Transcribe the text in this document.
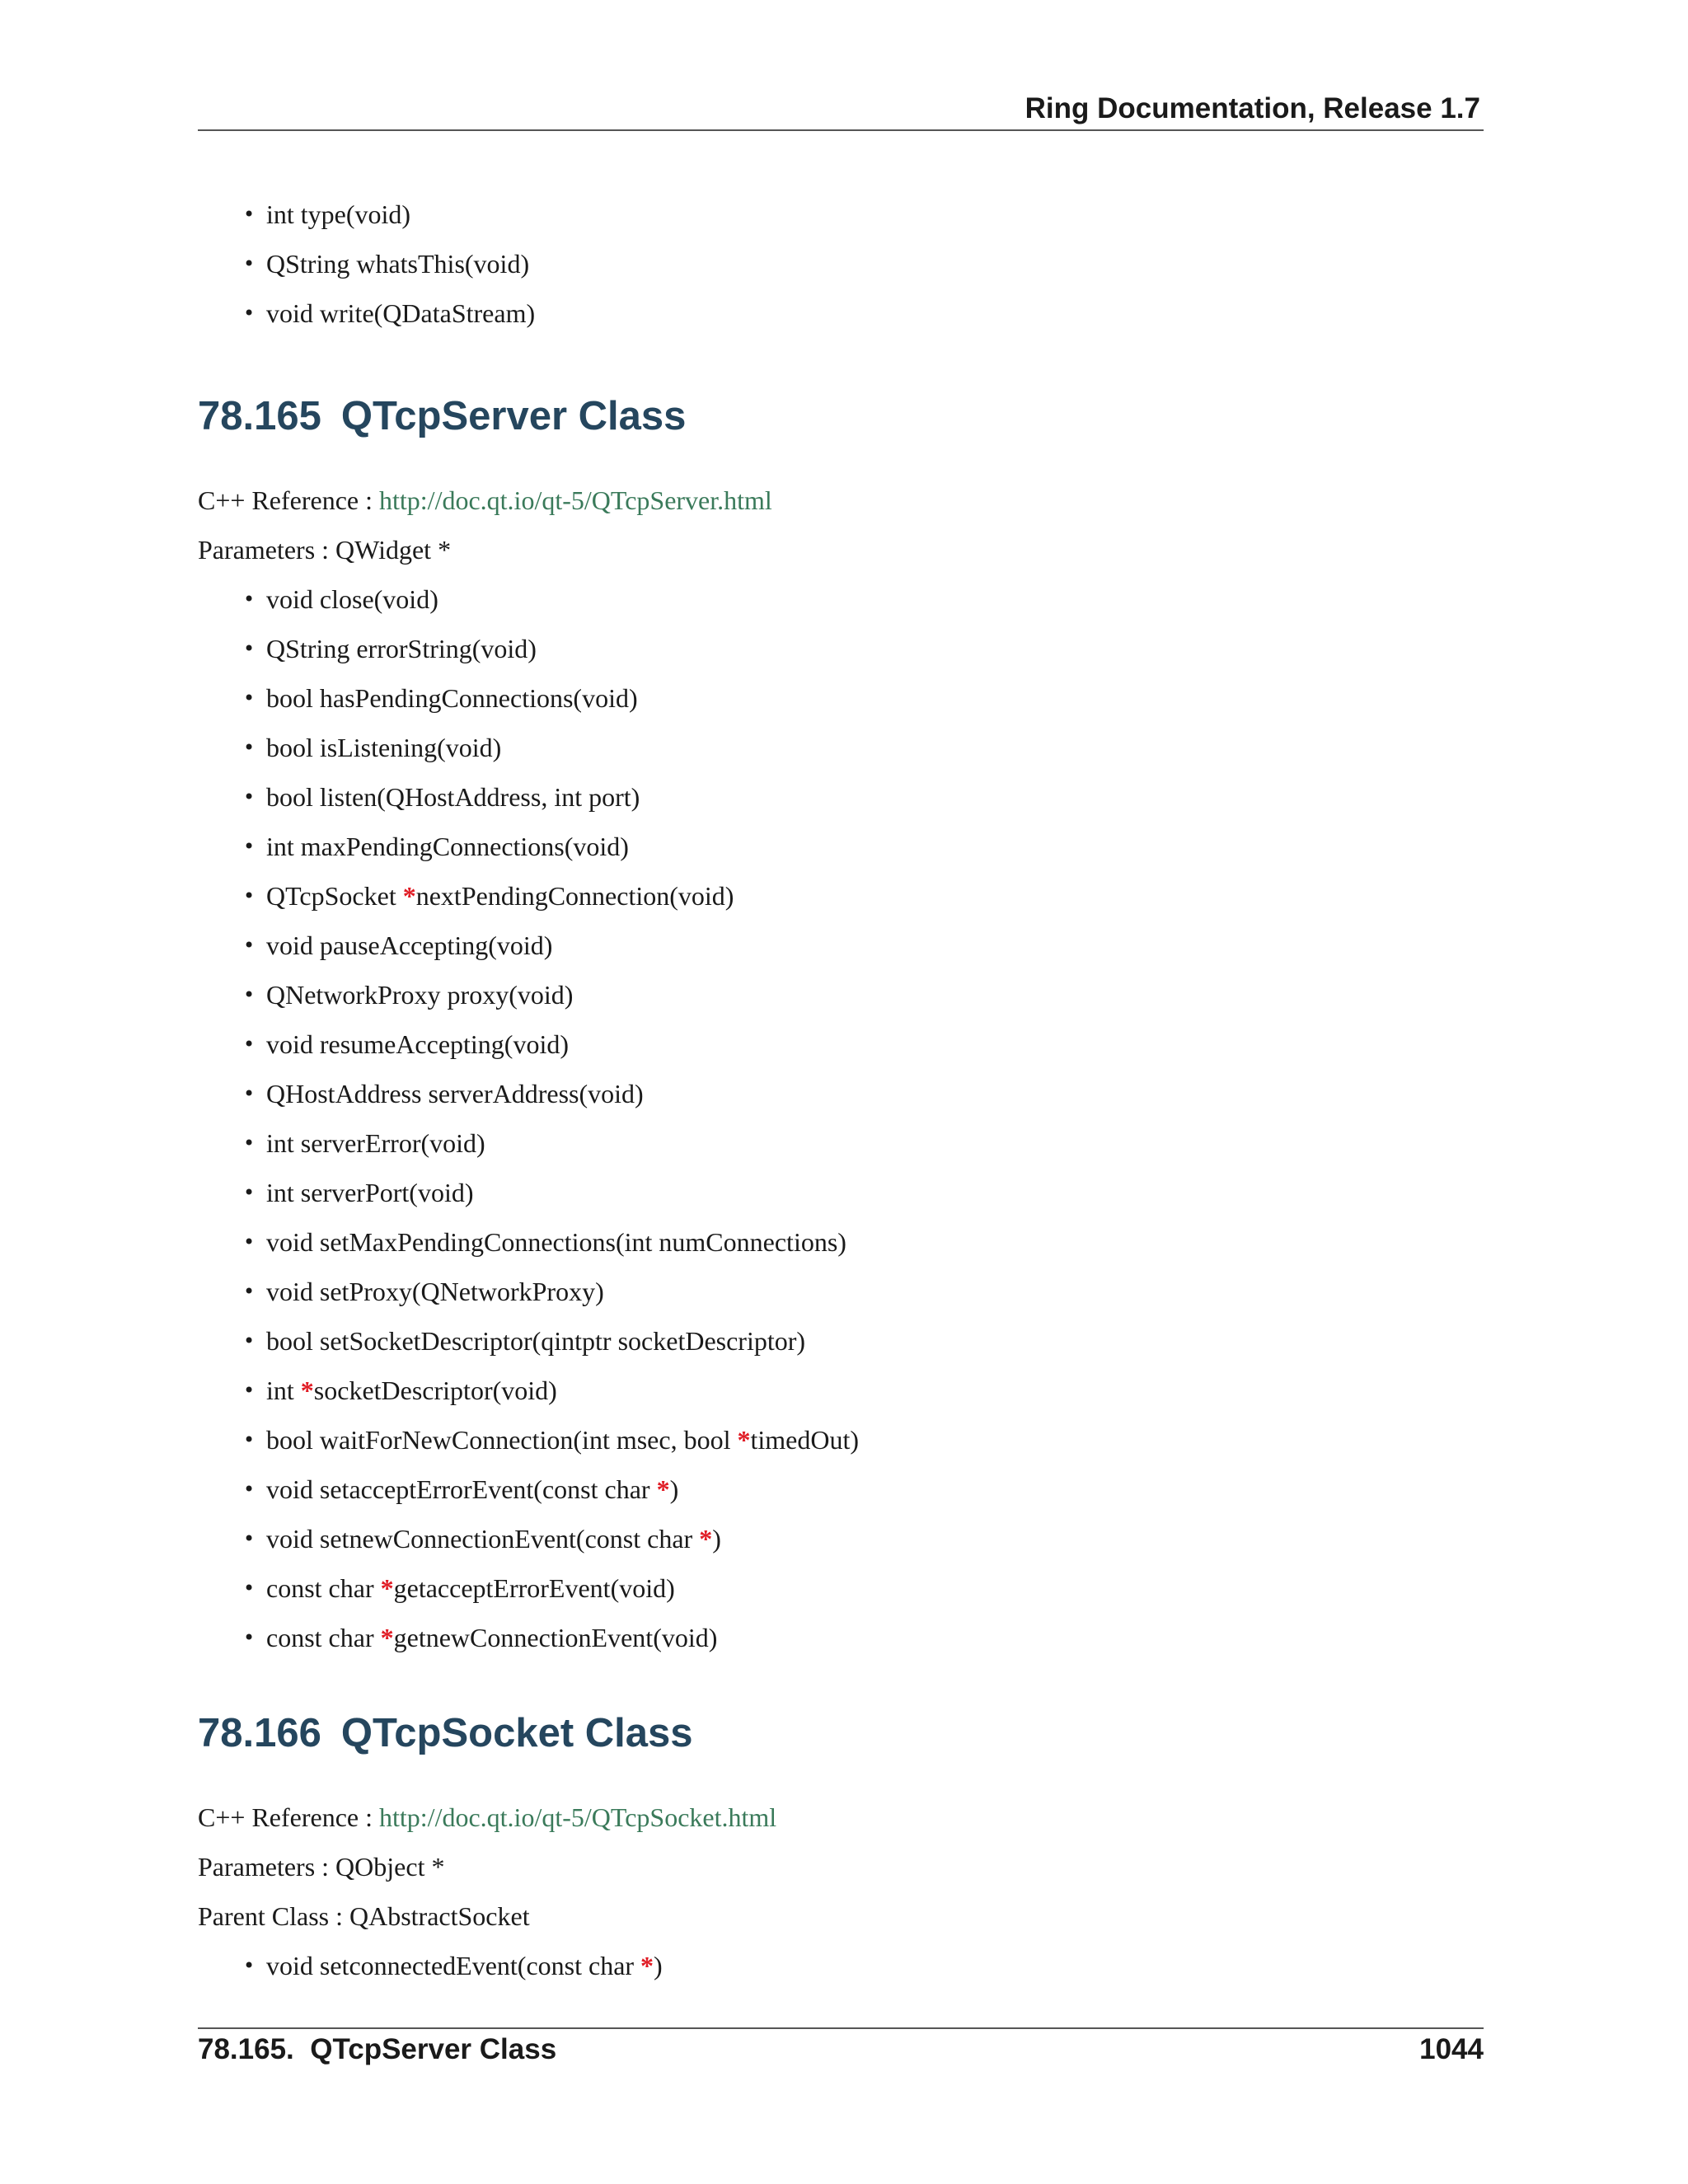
Ring Documentation, Release 1.7
• int type(void)
• QString whatsThis(void)
• void write(QDataStream)
78.165 QTcpServer Class
C++ Reference : http://doc.qt.io/qt-5/QTcpServer.html
Parameters : QWidget *
• void close(void)
• QString errorString(void)
• bool hasPendingConnections(void)
• bool isListening(void)
• bool listen(QHostAddress, int port)
• int maxPendingConnections(void)
• QTcpSocket *nextPendingConnection(void)
• void pauseAccepting(void)
• QNetworkProxy proxy(void)
• void resumeAccepting(void)
• QHostAddress serverAddress(void)
• int serverError(void)
• int serverPort(void)
• void setMaxPendingConnections(int numConnections)
• void setProxy(QNetworkProxy)
• bool setSocketDescriptor(qintptr socketDescriptor)
• int *socketDescriptor(void)
• bool waitForNewConnection(int msec, bool *timedOut)
• void setacceptErrorEvent(const char *)
• void setnewConnectionEvent(const char *)
• const char *getacceptErrorEvent(void)
• const char *getnewConnectionEvent(void)
78.166 QTcpSocket Class
C++ Reference : http://doc.qt.io/qt-5/QTcpSocket.html
Parameters : QObject *
Parent Class : QAbstractSocket
• void setconnectedEvent(const char *)
78.165.  QTcpServer Class	1044
